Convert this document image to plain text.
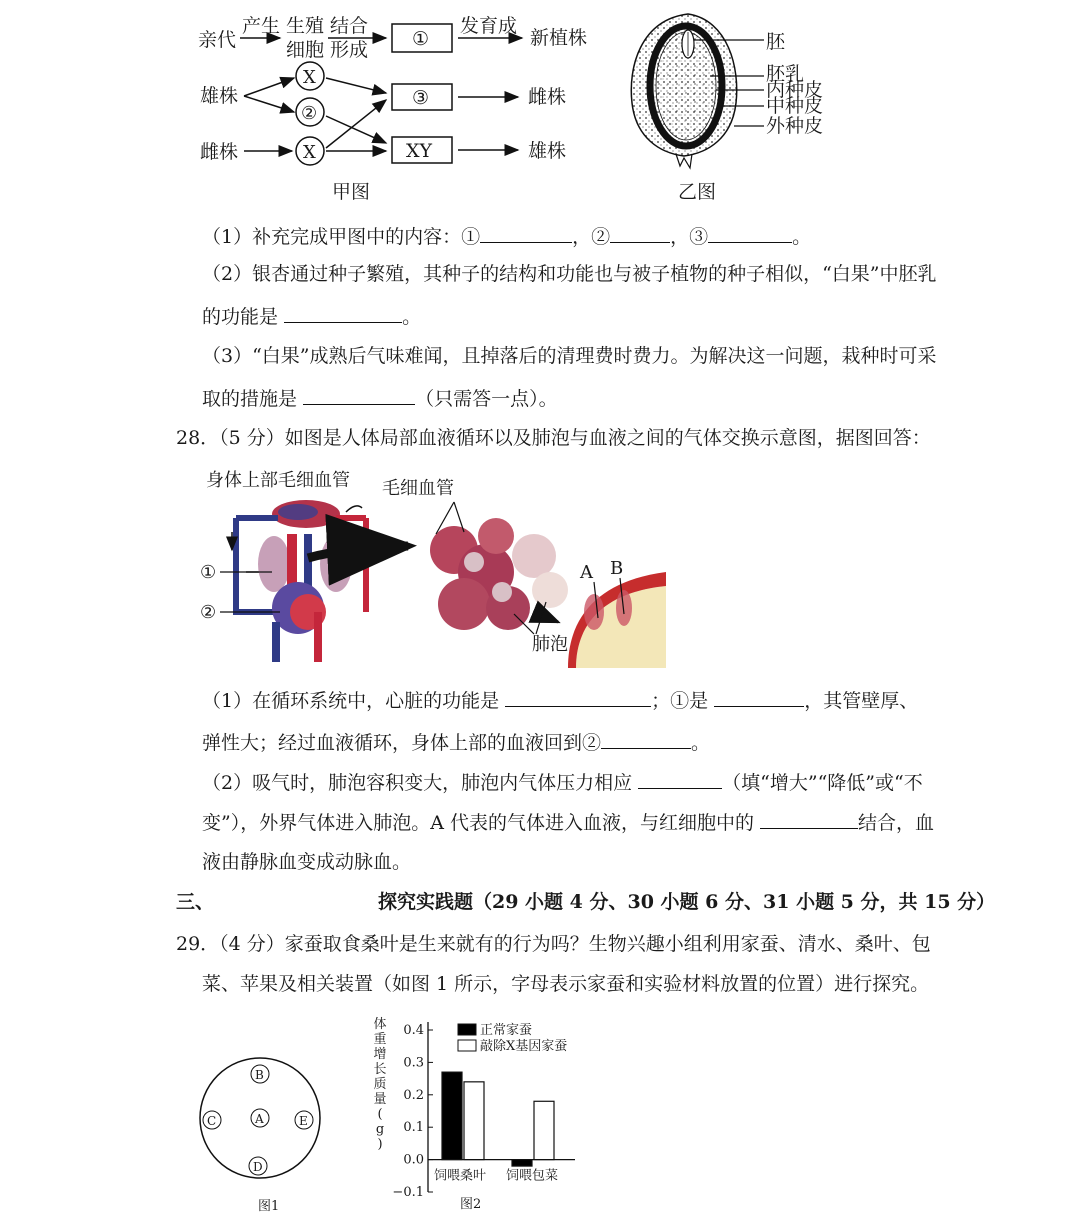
亲代
产生 生殖
细胞
结合
形成 ①
发育成
新植株
雄株
X
②
雌株	X
③
XY
雌株
雄株
甲图
胚
胚乳
内种皮
中种皮
外种皮
乙图
（1）补充完成甲图中的内容：①	，②	，③	。
（2）银杏通过种子繁殖，其种子的结构和功能也与被子植物的种子相似，“白果”中胚乳
的功能是	。
（3）“白果”成熟后气味难闻，且掉落后的清理费时费力。为解决这一问题，栽种时可采
取的措施是	（只需答一点）。
28．（5 分）如图是人体局部血液循环以及肺泡与血液之间的气体交换示意图，据图回答：
身体上部毛细血管 毛细血管
①
②
A B
肺泡
（1）在循环系统中，心脏的功能是	；①是	，其管壁厚、
弹性大；经过血液循环，身体上部的血液回到②	。
（2）吸气时，肺泡容积变大，肺泡内气体压力相应	（填“增大”“降低”或“不
变”），外界气体进入肺泡。A 代表的气体进入血液，与红细胞中的	结合，血
液由静脉血变成动脉血。
三、	探究实践题（29 小题 4 分、30 小题 6 分、31 小题 5 分，共 15 分）
29．（4 分）家蚕取食桑叶是生来就有的行为吗？生物兴趣小组利用家蚕、清水、桑叶、包
菜、苹果及相关装置（如图 1 所示，字母表示家蚕和实验材料放置的位置）进行探究。
B
A
C	E
D
图1
体
重
增
长
质
量
(
g
)
0.4
0.3
0.2
0.1
0.0
−0.1
饲喂桑叶 饲喂包菜
正常家蚕
敲除X基因家蚕
图2
